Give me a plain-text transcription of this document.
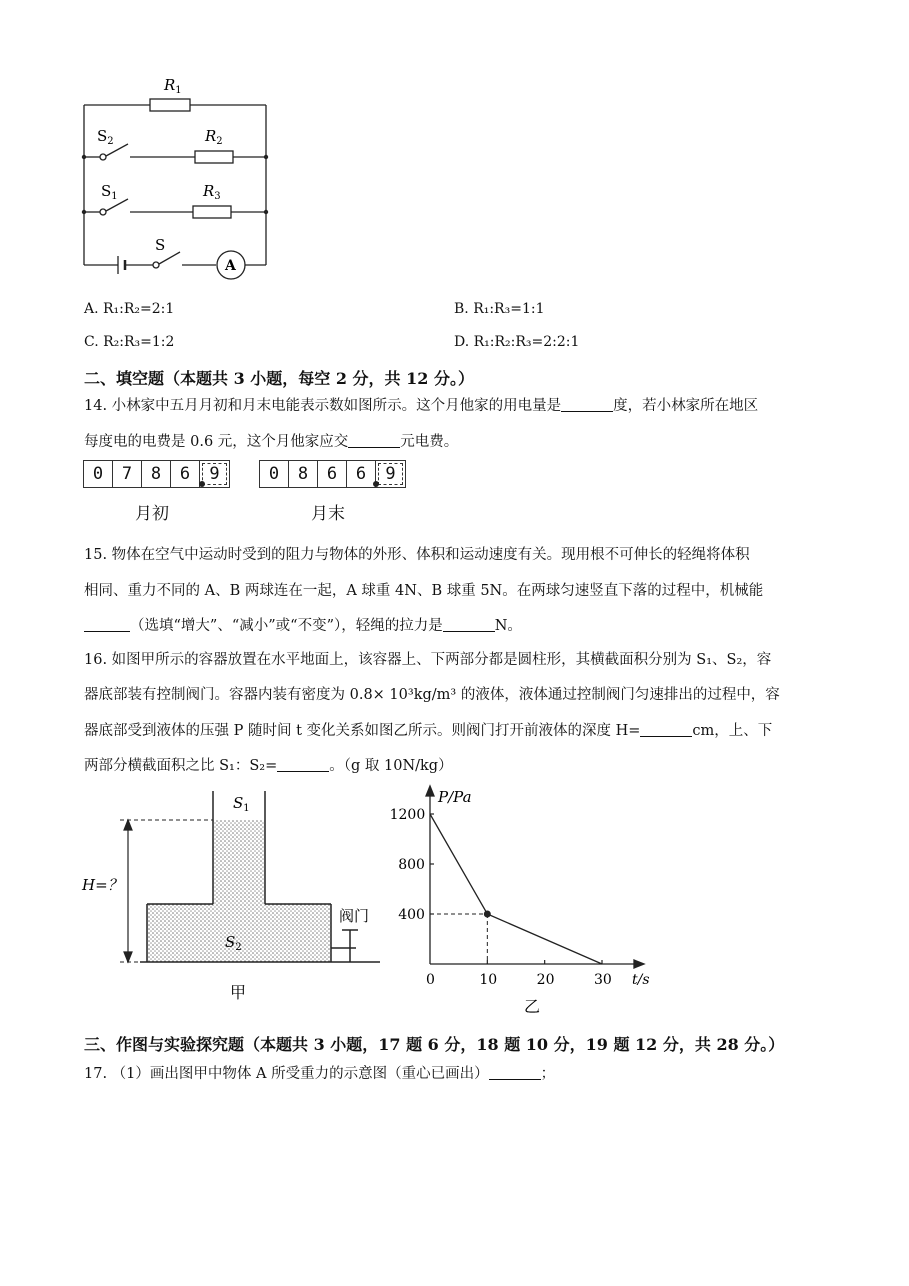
$R_1$
$S_2$	$R_2$
$S_1$	$R_3$
S
A
A. R₁:R₂=2:1	B. R₁:R₃=1:1
C. R₂:R₃=1:2	D. R₁:R₂:R₃=2:2:1
二、填空题（本题共 3 小题，每空 2 分，共 12 分。）
14. 小林家中五月月初和月末电能表示数如图所示。这个月他家的用电量是	度，若小林家所在地区
每度电的电费是 0.6 元，这个月他家应交	元电费。
0	7	8	6	9	0	8	6	6	9
月初	月末
15. 物体在空气中运动时受到的阻力与物体的外形、体积和运动速度有关。现用根不可伸长的轻绳将体积
相同、重力不同的 A、B 两球连在一起，A 球重 4N、B 球重 5N。在两球匀速竖直下落的过程中，机械能
（选填“增大”、“减小”或“不变”），轻绳的拉力是	N。
16. 如图甲所示的容器放置在水平地面上，该容器上、下两部分都是圆柱形，其横截面积分别为 S₁、S₂，容
器底部装有控制阀门。容器内装有密度为 0.8× 10³kg/m³ 的液体，液体通过控制阀门匀速排出的过程中，容
器底部受到液体的压强 P 随时间 t 变化关系如图乙所示。则阀门打开前液体的深度 H=	cm，上、下
两部分横截面积之比 S₁：S₂=	。（g 取 10N/kg）
$S_1$
$S_2$
H=？
阀门
甲
P/Pa
t/s
0	10	20	30
400
800
1200
乙
三、作图与实验探究题（本题共 3 小题，17 题 6 分，18 题 10 分，19 题 12 分，共 28 分。）
17. （1）画出图甲中物体 A 所受重力的示意图（重心已画出）	；
